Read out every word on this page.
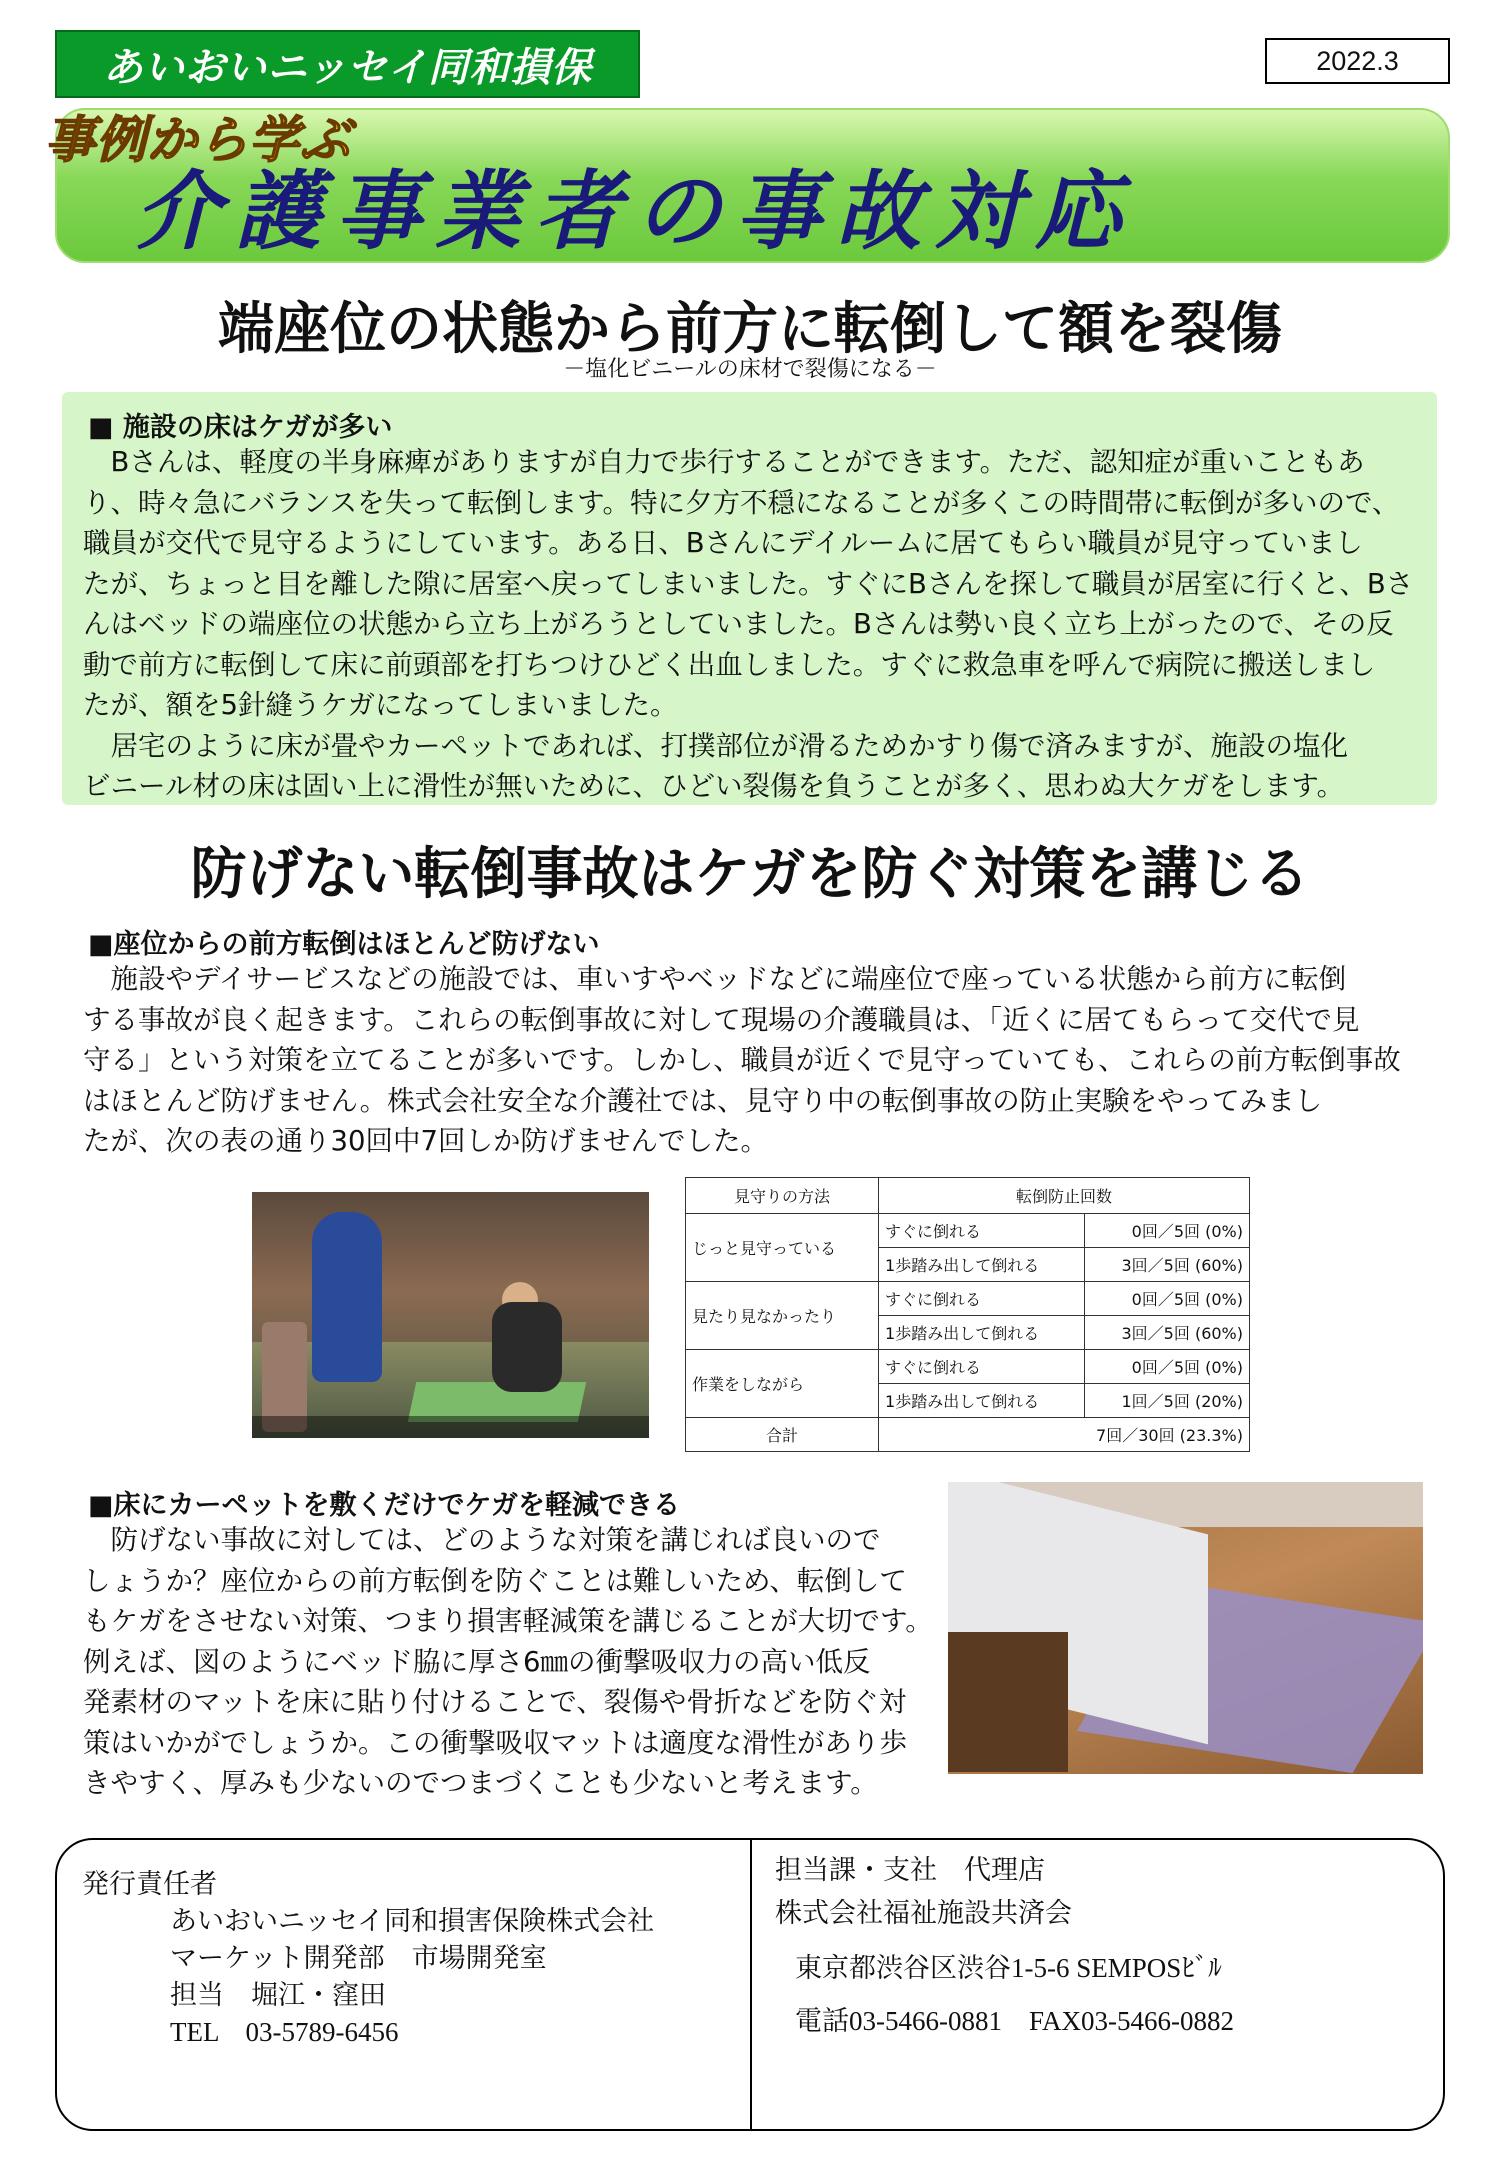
あいおいニッセイ同和損保	2022.3
事例から学ぶ
介護事業者の事故対応
端座位の状態から前方に転倒して額を裂傷
－塩化ビニールの床材で裂傷になる－
■ 施設の床はケガが多い
　Bさんは、軽度の半身麻痺がありますが自力で歩行することができます。ただ、認知症が重いこともあ
り、時々急にバランスを失って転倒します。特に夕方不穏になることが多くこの時間帯に転倒が多いので、
職員が交代で見守るようにしています。ある日、Bさんにデイルームに居てもらい職員が見守っていまし
たが、ちょっと目を離した隙に居室へ戻ってしまいました。すぐにBさんを探して職員が居室に行くと、Bさ
んはベッドの端座位の状態から立ち上がろうとしていました。Bさんは勢い良く立ち上がったので、その反
動で前方に転倒して床に前頭部を打ちつけひどく出血しました。すぐに救急車を呼んで病院に搬送しまし
たが、額を5針縫うケガになってしまいました。
　居宅のように床が畳やカーペットであれば、打撲部位が滑るためかすり傷で済みますが、施設の塩化
ビニール材の床は固い上に滑性が無いために、ひどい裂傷を負うことが多く、思わぬ大ケガをします。
防げない転倒事故はケガを防ぐ対策を講じる
■座位からの前方転倒はほとんど防げない
　施設やデイサービスなどの施設では、車いすやベッドなどに端座位で座っている状態から前方に転倒
する事故が良く起きます。これらの転倒事故に対して現場の介護職員は、「近くに居てもらって交代で見
守る」という対策を立てることが多いです。しかし、職員が近くで見守っていても、これらの前方転倒事故
はほとんど防げません。株式会社安全な介護社では、見守り中の転倒事故の防止実験をやってみまし
たが、次の表の通り30回中7回しか防げませんでした。
見守りの方法	転倒防止回数	
じっと見守っている	すぐに倒れる	0回／5回 (0%)
	1歩踏み出して倒れる	3回／5回 (60%)
見たり見なかったり	すぐに倒れる	0回／5回 (0%)
	1歩踏み出して倒れる	3回／5回 (60%)
作業をしながら	すぐに倒れる	0回／5回 (0%)
	1歩踏み出して倒れる	1回／5回 (20%)
合計	7回／30回 (23.3%)	
■床にカーペットを敷くだけでケガを軽減できる
　防げない事故に対しては、どのような対策を講じれば良いので
しょうか？座位からの前方転倒を防ぐことは難しいため、転倒して
もケガをさせない対策、つまり損害軽減策を講じることが大切です。
例えば、図のようにベッド脇に厚さ6㎜の衝撃吸収力の高い低反
発素材のマットを床に貼り付けることで、裂傷や骨折などを防ぐ対
策はいかがでしょうか。この衝撃吸収マットは適度な滑性があり歩
きやすく、厚みも少ないのでつまづくことも少ないと考えます。
発行責任者
あいおいニッセイ同和損害保険株式会社
マーケット開発部　市場開発室
担当　堀江・窪田
TEL　03-5789-6456
担当課・支社　代理店
株式会社福祉施設共済会
東京都渋谷区渋谷1-5-6 SEMPOSﾋﾞﾙ
電話03-5466-0881　FAX03-5466-0882
